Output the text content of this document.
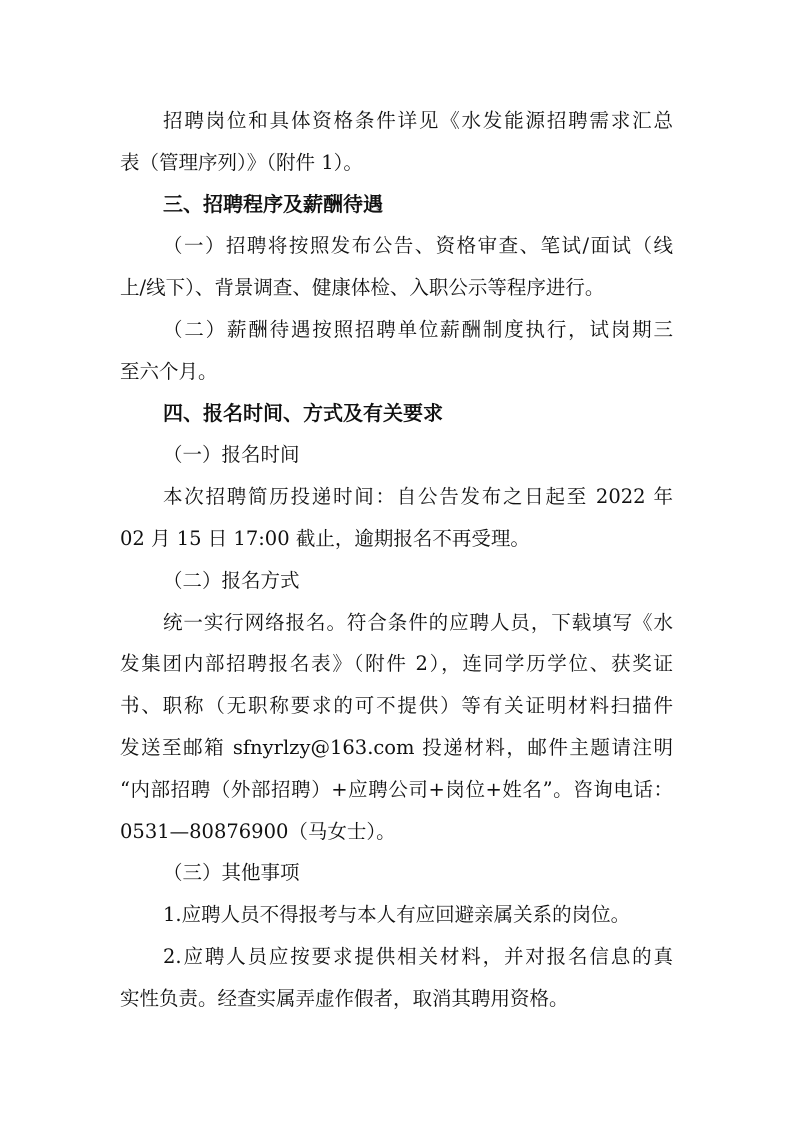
招聘岗位和具体资格条件详见《水发能源招聘需求汇总
表（管理序列）》（附件 1）。
三、招聘程序及薪酬待遇
（一）招聘将按照发布公告、资格审查、笔试/面试（线
上/线下）、背景调查、健康体检、入职公示等程序进行。
（二）薪酬待遇按照招聘单位薪酬制度执行，试岗期三
至六个月。
四、报名时间、方式及有关要求
（一）报名时间
本次招聘简历投递时间：自公告发布之日起至 2022 年
02 月 15 日 17:00 截止，逾期报名不再受理。
（二）报名方式
统一实行网络报名。符合条件的应聘人员，下载填写《水
发集团内部招聘报名表》（附件 2），连同学历学位、获奖证
书、职称（无职称要求的可不提供）等有关证明材料扫描件
发送至邮箱 sfnyrlzy@163.com 投递材料，邮件主题请注明
“内部招聘（外部招聘）+应聘公司+岗位+姓名”。咨询电话：
0531—80876900（马女士）。
（三）其他事项
1.应聘人员不得报考与本人有应回避亲属关系的岗位。
2.应聘人员应按要求提供相关材料，并对报名信息的真
实性负责。经查实属弄虚作假者，取消其聘用资格。
